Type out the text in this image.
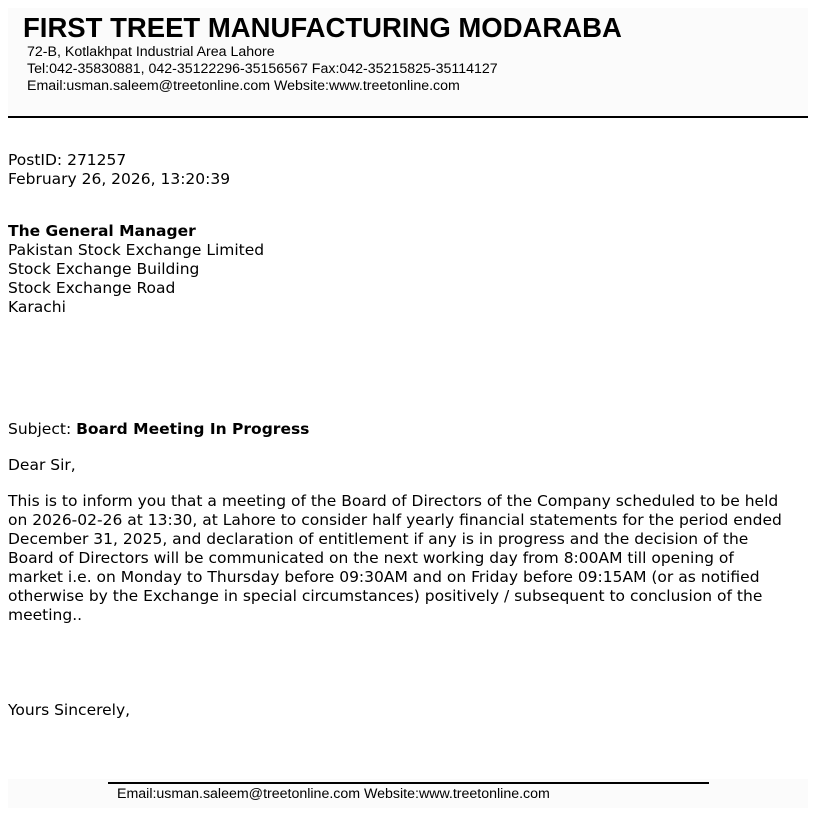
FIRST TREET MANUFACTURING MODARABA
72-B, Kotlakhpat Industrial Area Lahore
Tel:042-35830881, 042-35122296-35156567 Fax:042-35215825-35114127
Email:usman.saleem@treetonline.com Website:www.treetonline.com
PostID: 271257
February 26, 2026, 13:20:39
The General Manager
Pakistan Stock Exchange Limited
Stock Exchange Building
Stock Exchange Road
Karachi
Subject: Board Meeting In Progress
Dear Sir,
This is to inform you that a meeting of the Board of Directors of the Company scheduled to be held
on 2026-02-26 at 13:30, at Lahore to consider half yearly financial statements for the period ended
December 31, 2025, and declaration of entitlement if any is in progress and the decision of the
Board of Directors will be communicated on the next working day from 8:00AM till opening of
market i.e. on Monday to Thursday before 09:30AM and on Friday before 09:15AM (or as notified
otherwise by the Exchange in special circumstances) positively / subsequent to conclusion of the
meeting..
Yours Sincerely,
Email:usman.saleem@treetonline.com Website:www.treetonline.com
